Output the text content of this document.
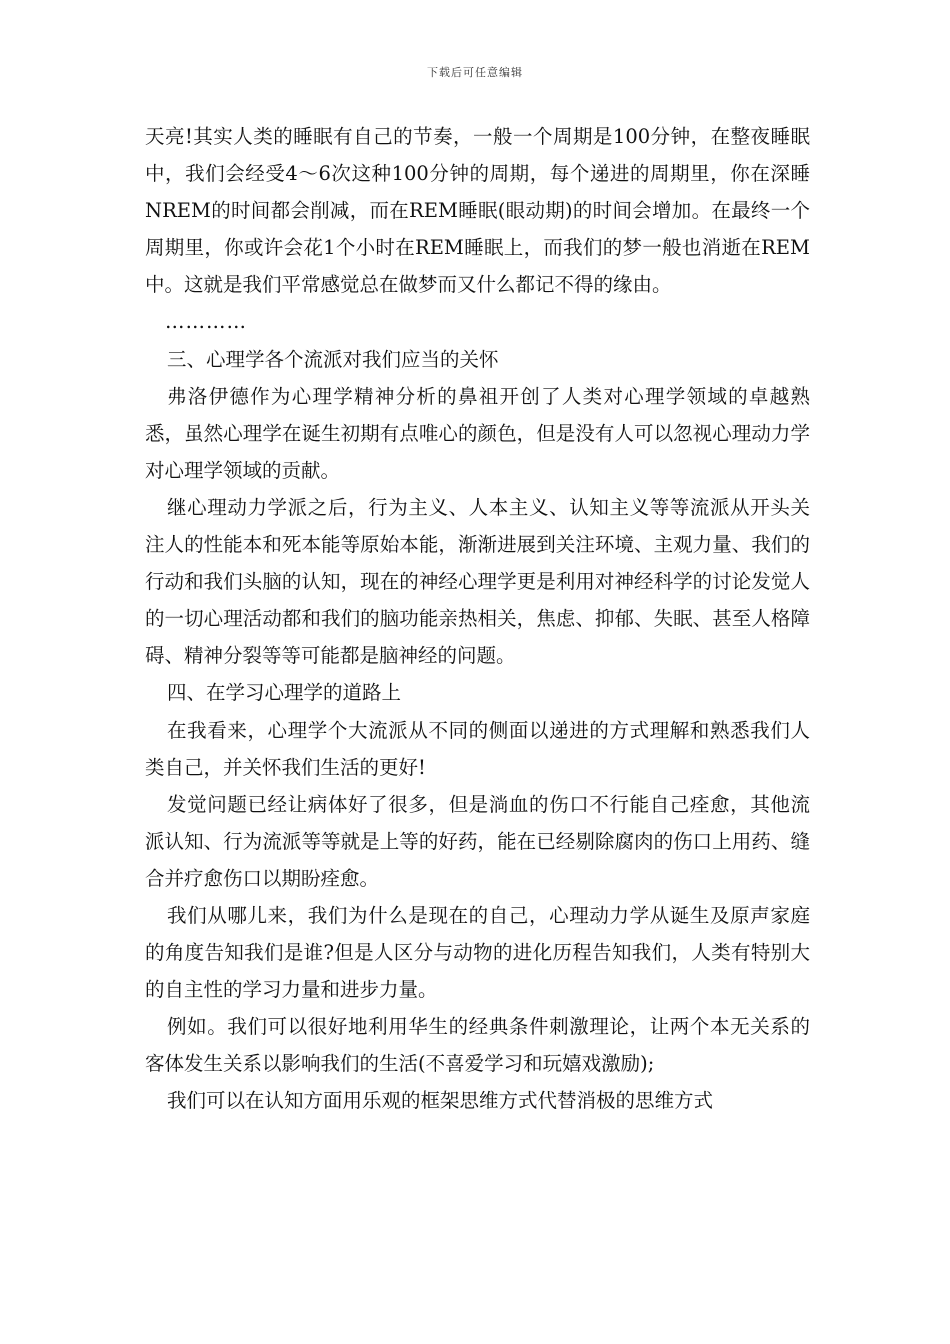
下载后可任意编辑

天亮!其实人类的睡眠有自己的节奏，一般一个周期是100分钟，在整夜睡眠中，我们会经受4～6次这种100分钟的周期，每个递进的周期里，你在深睡NREM的时间都会削减，而在REM睡眠(眼动期)的时间会增加。在最终一个周期里，你或许会花1个小时在REM睡眠上，而我们的梦一般也消逝在REM中。这就是我们平常感觉总在做梦而又什么都记不得的缘由。

…………

三、心理学各个流派对我们应当的关怀

弗洛伊德作为心理学精神分析的鼻祖开创了人类对心理学领域的卓越熟悉，虽然心理学在诞生初期有点唯心的颜色，但是没有人可以忽视心理动力学对心理学领域的贡献。

继心理动力学派之后，行为主义、人本主义、认知主义等等流派从开头关注人的性能本和死本能等原始本能，渐渐进展到关注环境、主观力量、我们的行动和我们头脑的认知，现在的神经心理学更是利用对神经科学的讨论发觉人的一切心理活动都和我们的脑功能亲热相关，焦虑、抑郁、失眠、甚至人格障碍、精神分裂等等可能都是脑神经的问题。

四、在学习心理学的道路上

在我看来，心理学个大流派从不同的侧面以递进的方式理解和熟悉我们人类自己，并关怀我们生活的更好!

发觉问题已经让病体好了很多，但是淌血的伤口不行能自己痊愈，其他流派认知、行为流派等等就是上等的好药，能在已经剔除腐肉的伤口上用药、缝合并疗愈伤口以期盼痊愈。

我们从哪儿来，我们为什么是现在的自己，心理动力学从诞生及原声家庭的角度告知我们是谁?但是人区分与动物的进化历程告知我们，人类有特别大的自主性的学习力量和进步力量。

例如。我们可以很好地利用华生的经典条件刺激理论，让两个本无关系的客体发生关系以影响我们的生活(不喜爱学习和玩嬉戏激励);

我们可以在认知方面用乐观的框架思维方式代替消极的思维方式
